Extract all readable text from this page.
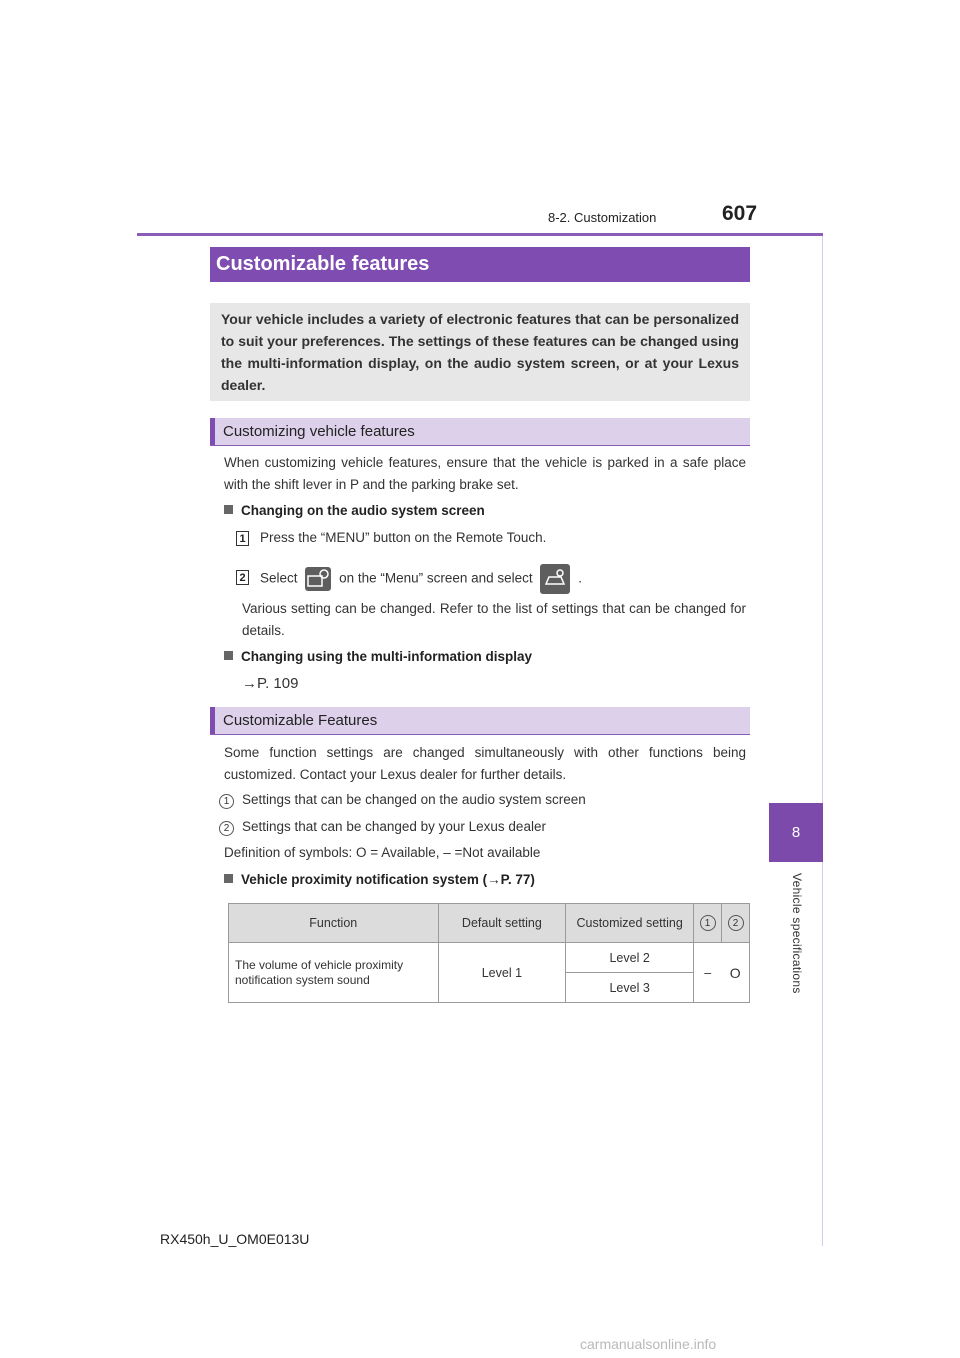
8-2. Customization	607
8
Vehicle specifications
Customizable features
Your vehicle includes a variety of electronic features that can be personalized to suit your preferences. The settings of these features can be changed using the multi-information display, on the audio system screen, or at your Lexus dealer.
Customizing vehicle features
When customizing vehicle features, ensure that the vehicle is parked in a safe place with the shift lever in P and the parking brake set.
Changing on the audio system screen
1 Press the “MENU” button on the Remote Touch.
2 Select	on the “Menu” screen and select	.
Various setting can be changed. Refer to the list of settings that can be changed for details.
Changing using the multi-information display
→P. 109
Customizable Features
Some function settings are changed simultaneously with other functions being customized. Contact your Lexus dealer for further details.
1 Settings that can be changed on the audio system screen
2 Settings that can be changed by your Lexus dealer
Definition of symbols: O = Available, – =Not available
Vehicle proximity notification system (→P. 77)
Function	Default setting	Customized setting	1	2
The volume of vehicle proximity notification system sound	Level 1	Level 2	–	O
		Level 3		
RX450h_U_OM0E013U
carmanualsonline.info
